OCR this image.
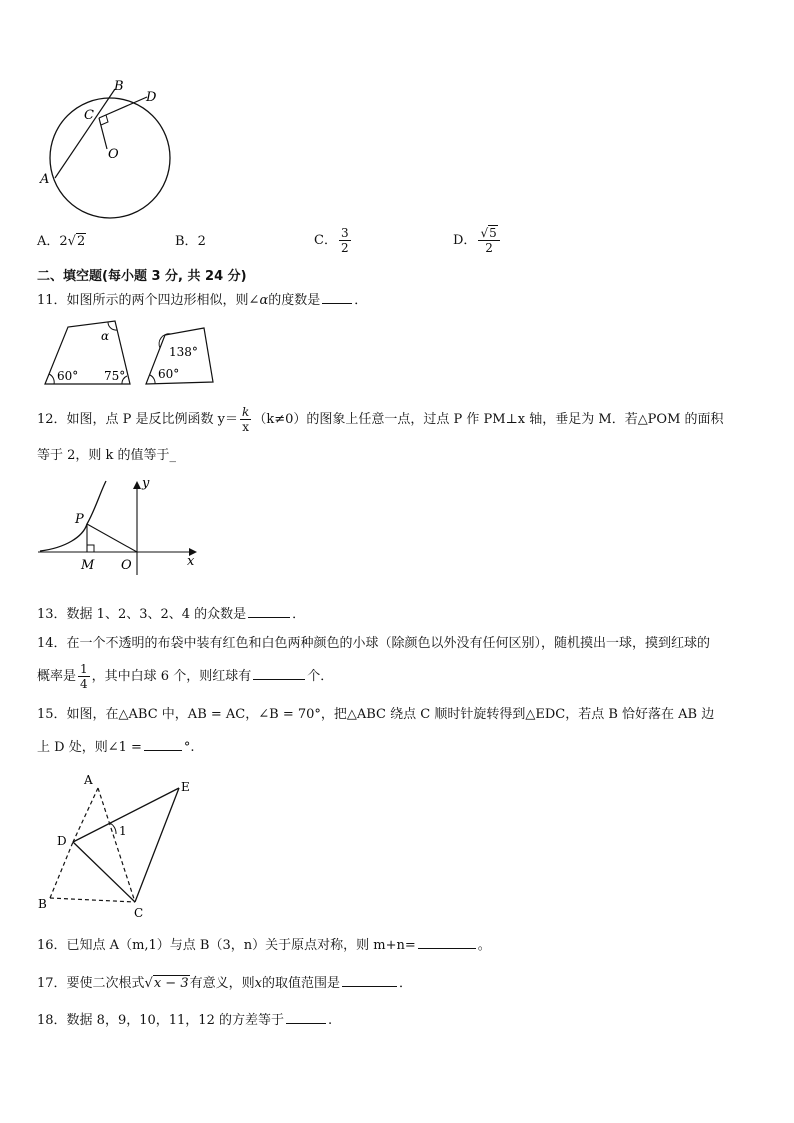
B
D
C
O
A
A．2√2	B．2	C． $\frac{3}{2}$	D． $\frac{√5}{2}$
二、填空题(每小题 3 分, 共 24 分)
11．如图所示的两个四边形相似，则∠α的度数是	．
α
60° 75°
138°
60°
12．如图，点 P 是反比例函数 $y= \frac{k}{x} (k\ne 0)$的图象上任意一点，过点 P 作 PM⊥x 轴，垂足为 M．若△POM 的面积
等于 2，则 k 的值等于_
y
P
x
M O
13．数据 1、2、3、2、4 的众数是	．
14．在一个不透明的布袋中装有红色和白色两种颜色的小球（除颜色以外没有任何区别），随机摸出一球，摸到红球的
概率是 $\frac{1}{4}$ ，其中白球 6 个，则红球有	个．
15．如图，在△ABC 中，AB = AC，∠B = 70°，把△ABC 绕点 C 顺时针旋转得到△EDC，若点 B 恰好落在 AB 边
上 D 处，则∠1 =	°.
A	E
D
1
B
C
16．已知点 A（m,1）与点 B（3，n）关于原点对称，则 m+n=	。
17．要使二次根式√x − 3有意义，则x的取值范围是	．
18．数据 8，9，10，11，12 的方差等于	.
